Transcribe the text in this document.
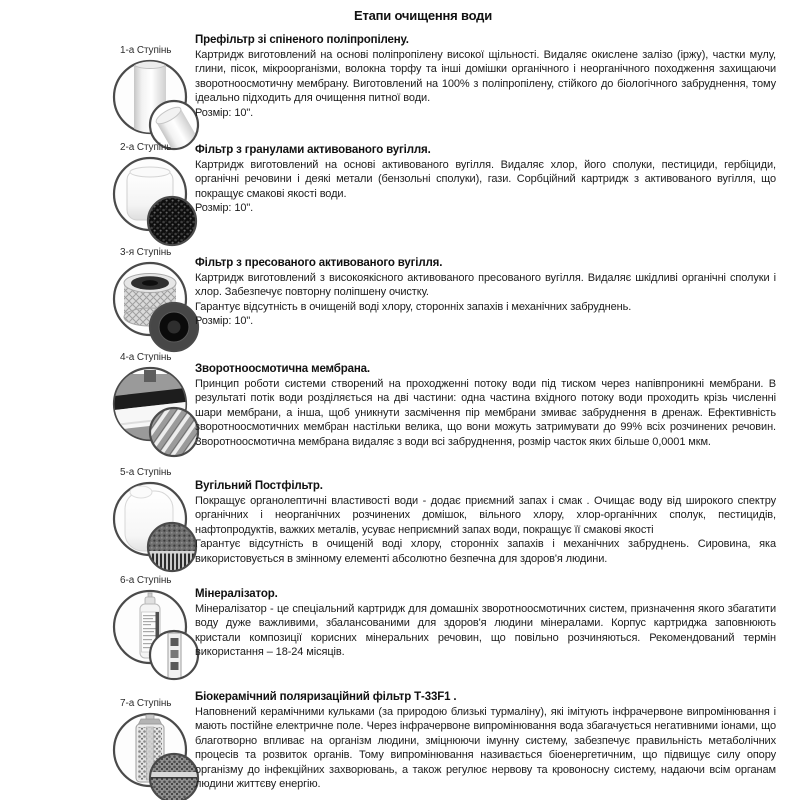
Етапи очищення води
1-а Ступінь
Префільтр зі спіненого поліпропілену.

Картридж виготовлений на основі поліпропілену високої щільності. Видаляє окислене залізо (іржу), частки мулу, глини, пісок, мікроорганізми, волокна торфу та інші домішки органічного і неорганічного походження захищаючи зворотноосмотичну мембрану. Виготовлений на 100% з поліпропілену, стійкого до біологічного забруднення, тому ідеально підходить для очищення питної води.

Розмір: 10".

2-а Ступінь	Фільтр з гранулами активованого вугілля.

Картридж виготовлений на основі активованого вугілля. Видаляє хлор, його сполуки, пестициди, гербіциди, органічні речовини і деякі метали (бензольні сполуки), гази. Сорбційний картридж з активованого вугілля, що покращує смакові якості води.

Розмір: 10".

3-я Ступінь
Фільтр з пресованого активованого вугілля.

Картридж виготовлений з високоякісного активованого пресованого вугілля. Видаляє шкідливі органічні сполуки і хлор. Забезпечує повторну поліпшену очистку.

Гарантує відсутність в очищеній воді хлору, сторонніх запахів і механічних забруднень.

Розмір: 10".

4-а Ступінь
Зворотноосмотична мембрана.

Принцип роботи системи створений на проходженні потоку води під тиском через напівпроникні мембрани. В результаті потік води розділяється на дві частини: одна частина вхідного потоку води проходить крізь численні шари мембрани, а інша, щоб уникнути засмічення пір мембрани змиває забруднення в дренаж. Ефективність зворотноосмотичних мембран настільки велика, що вони можуть затримувати до 99% всіх розчинених речовин. Зворотноосмотична мембрана видаляє з води всі забруднення, розмір часток яких більше 0,0001 мкм.

5-а Ступінь
Вугільний Постфільтр.

Покращує органолептичні властивості води - додає приємний запах і смак . Очищає воду від широкого спектру органічних і неорганічних розчинених домішок, вільного хлору, хлор-органічних сполук, пестицидів, нафтопродуктів, важких металів, усуває неприємний запах води, покращує її смакові якості

Гарантує відсутність в очищеній воді хлору, сторонніх запахів і механічних забруднень. Сировина, яка використовується в змінному елементі абсолютно безпечна для здоров'я людини.

6-а Ступінь
Мінералізатор.

Мінералізатор - це спеціальний картридж для домашніх зворотноосмотичних систем, призначення якого збагатити воду дуже важливими, збалансованими для здоров'я людини мінералами. Корпус картриджа заповнюють кристали композиції корисних мінеральних речовин, що повільно розчиняються. Рекомендований термін використання – 18-24 місяців.

7-а Ступінь
Біокерамічний поляризаційний фільтр Т-33F1 .

Наповнений керамічними кульками (за природою близькі турмаліну), які імітують інфрачервоне випромінювання і мають постійне електричне поле. Через інфрачервоне випромінювання вода збагачується негативними іонами, що благотворно впливає на організм людини, зміцнюючи імунну систему, забезпечує правильність метаболічних процесів та розвиток органів. Тому випромінювання називається біоенергетичним, що підвищує силу опору організму до інфекційних захворювань, а також регулює нервову та кровоносну систему, надаючи всім органам людини життєву енергію.
